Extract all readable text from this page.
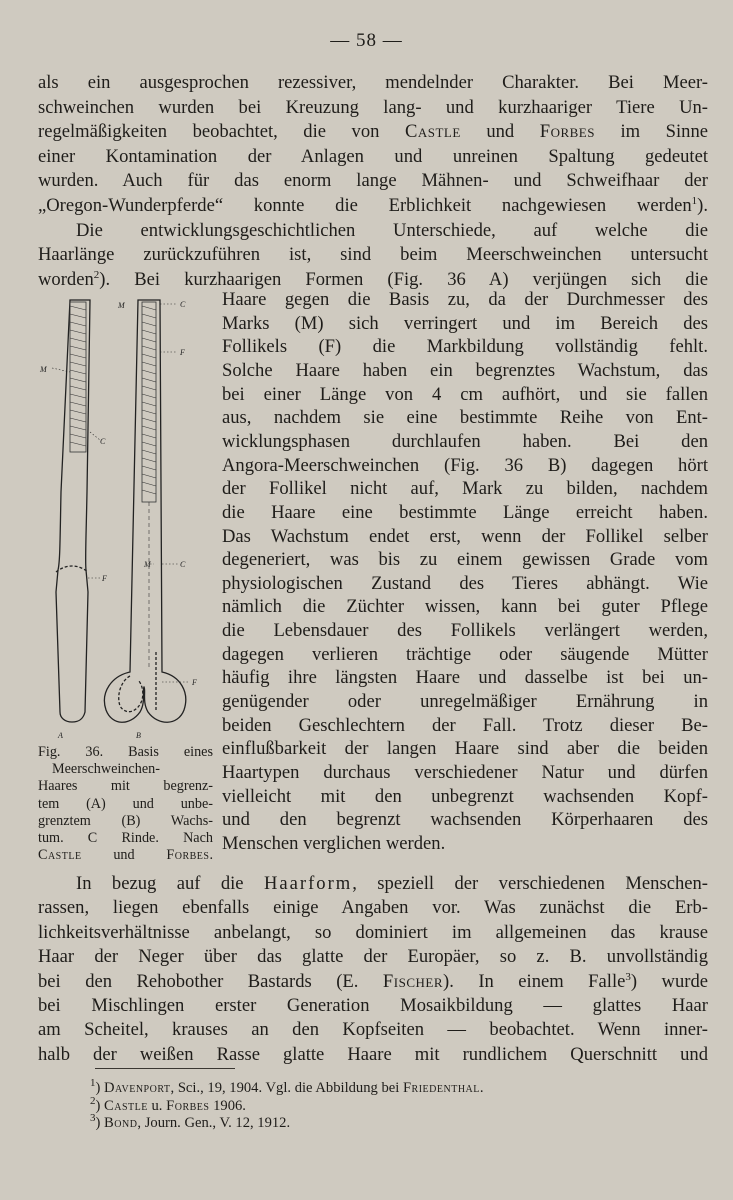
— 58 —
als ein ausgesprochen rezessiver, mendelnder Charakter. Bei Meer-
schweinchen wurden bei Kreuzung lang- und kurzhaariger Tiere Un-
regelmäßigkeiten beobachtet, die von Castle und Forbes im Sinne
einer Kontamination der Anlagen und unreinen Spaltung gedeutet
wurden. Auch für das enorm lange Mähnen- und Schweifhaar der
„Oregon-Wunderpferde“ konnte die Erblichkeit nachgewiesen werden$^1$).
Die entwicklungsgeschichtlichen Unterschiede, auf welche die
Haarlänge zurückzuführen ist, sind beim Meerschweinchen untersucht
worden$^2$). Bei kurzhaarigen Formen (Fig. 36 A) verjüngen sich die
Haare gegen die Basis zu, da der Durchmesser des
Marks (M) sich verringert und im Bereich des
Follikels (F) die Markbildung vollständig fehlt.
Solche Haare haben ein begrenztes Wachstum, das
bei einer Länge von 4 cm aufhört, und sie fallen
aus, nachdem sie eine bestimmte Reihe von Ent-
wicklungsphasen durchlaufen haben. Bei den
Angora-Meerschweinchen (Fig. 36 B) dagegen hört
der Follikel nicht auf, Mark zu bilden, nachdem
die Haare eine bestimmte Länge erreicht haben.
Das Wachstum endet erst, wenn der Follikel selber
degeneriert, was bis zu einem gewissen Grade vom
physiologischen Zustand des Tieres abhängt. Wie
nämlich die Züchter wissen, kann bei guter Pflege
die Lebensdauer des Follikels verlängert werden,
dagegen verlieren trächtige oder säugende Mütter
häufig ihre längsten Haare und dasselbe ist bei un-
genügender oder unregelmäßiger Ernährung in
beiden Geschlechtern der Fall. Trotz dieser Be-
einflußbarkeit der langen Haare sind aber die beiden
Haartypen durchaus verschiedener Natur und dürfen
vielleicht mit den unbegrenzt wachsenden Kopf-
und den begrenzt wachsenden Körperhaaren des
Menschen verglichen werden.
C
M
F
M
C
F
M	C
F
A	B
Fig. 36. Basis eines
Meerschweinchen-
Haares mit begrenz-
tem (A) und unbe-
grenztem (B) Wachs-
tum. C Rinde. Nach
Castle und Forbes.
In bezug auf die Haarform, speziell der verschiedenen Menschen-
rassen, liegen ebenfalls einige Angaben vor. Was zunächst die Erb-
lichkeitsverhältnisse anbelangt, so dominiert im allgemeinen das krause
Haar der Neger über das glatte der Europäer, so z. B. unvollständig
bei den Rehobother Bastards (E. Fischer). In einem Falle$^3$) wurde
bei Mischlingen erster Generation Mosaikbildung — glattes Haar
am Scheitel, krauses an den Kopfseiten — beobachtet. Wenn inner-
halb der weißen Rasse glatte Haare mit rundlichem Querschnitt und
$^1$) Davenport, Sci., 19, 1904. Vgl. die Abbildung bei Friedenthal.
$^2$) Castle u. Forbes 1906.
$^3$) Bond, Journ. Gen., V. 12, 1912.
